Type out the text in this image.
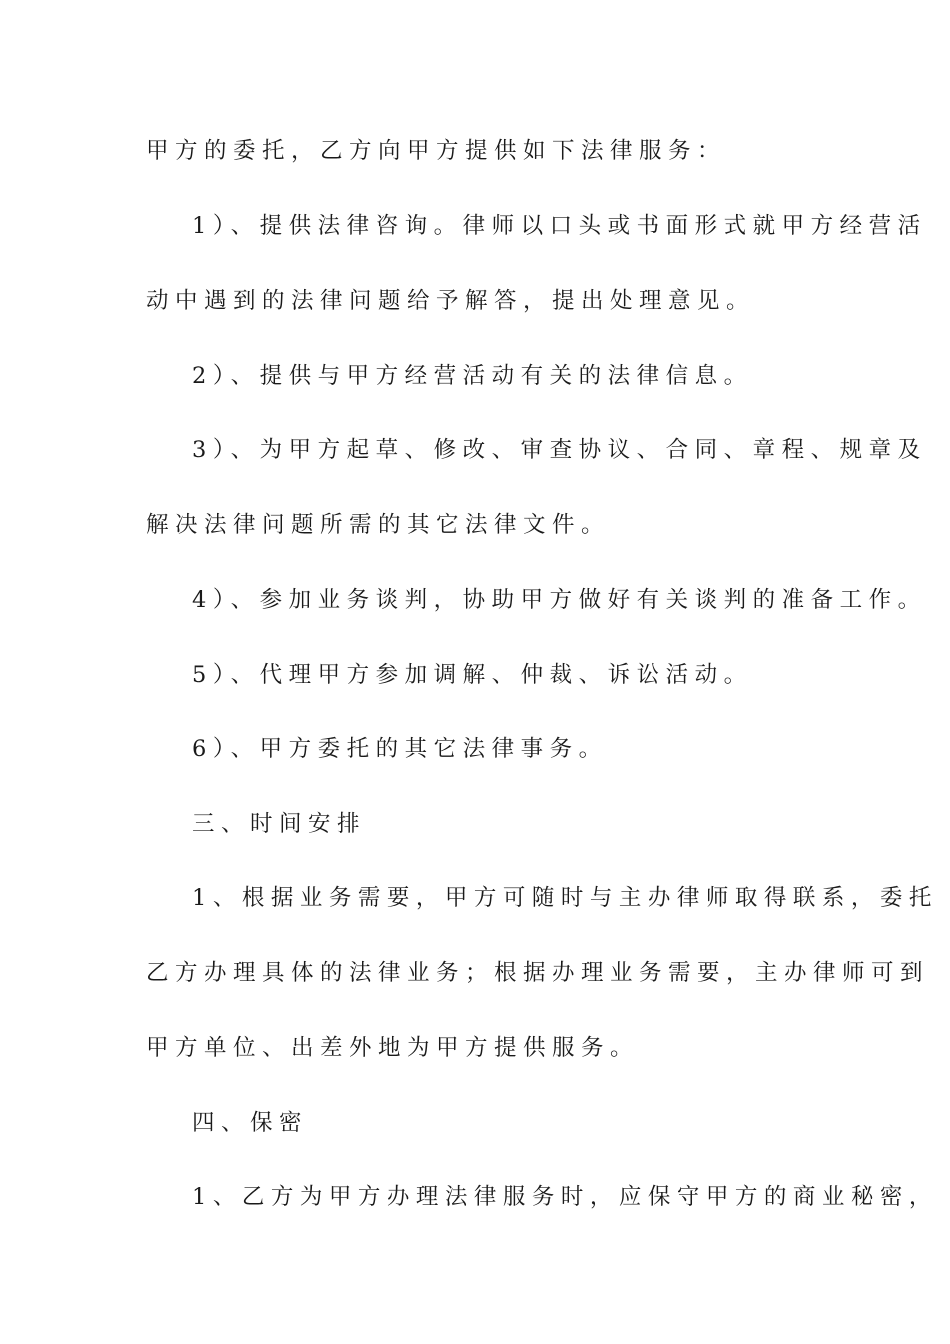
甲方的委托，乙方向甲方提供如下法律服务：
1）、提供法律咨询。律师以口头或书面形式就甲方经营活
动中遇到的法律问题给予解答，提出处理意见。
2）、提供与甲方经营活动有关的法律信息。
3）、为甲方起草、修改、审查协议、合同、章程、规章及
解决法律问题所需的其它法律文件。
4）、参加业务谈判，协助甲方做好有关谈判的准备工作。
5）、代理甲方参加调解、仲裁、诉讼活动。
6）、甲方委托的其它法律事务。
三、时间安排
1、根据业务需要，甲方可随时与主办律师取得联系，委托
乙方办理具体的法律业务；根据办理业务需要，主办律师可到
甲方单位、出差外地为甲方提供服务。
四、保密
1、乙方为甲方办理法律服务时，应保守甲方的商业秘密，
